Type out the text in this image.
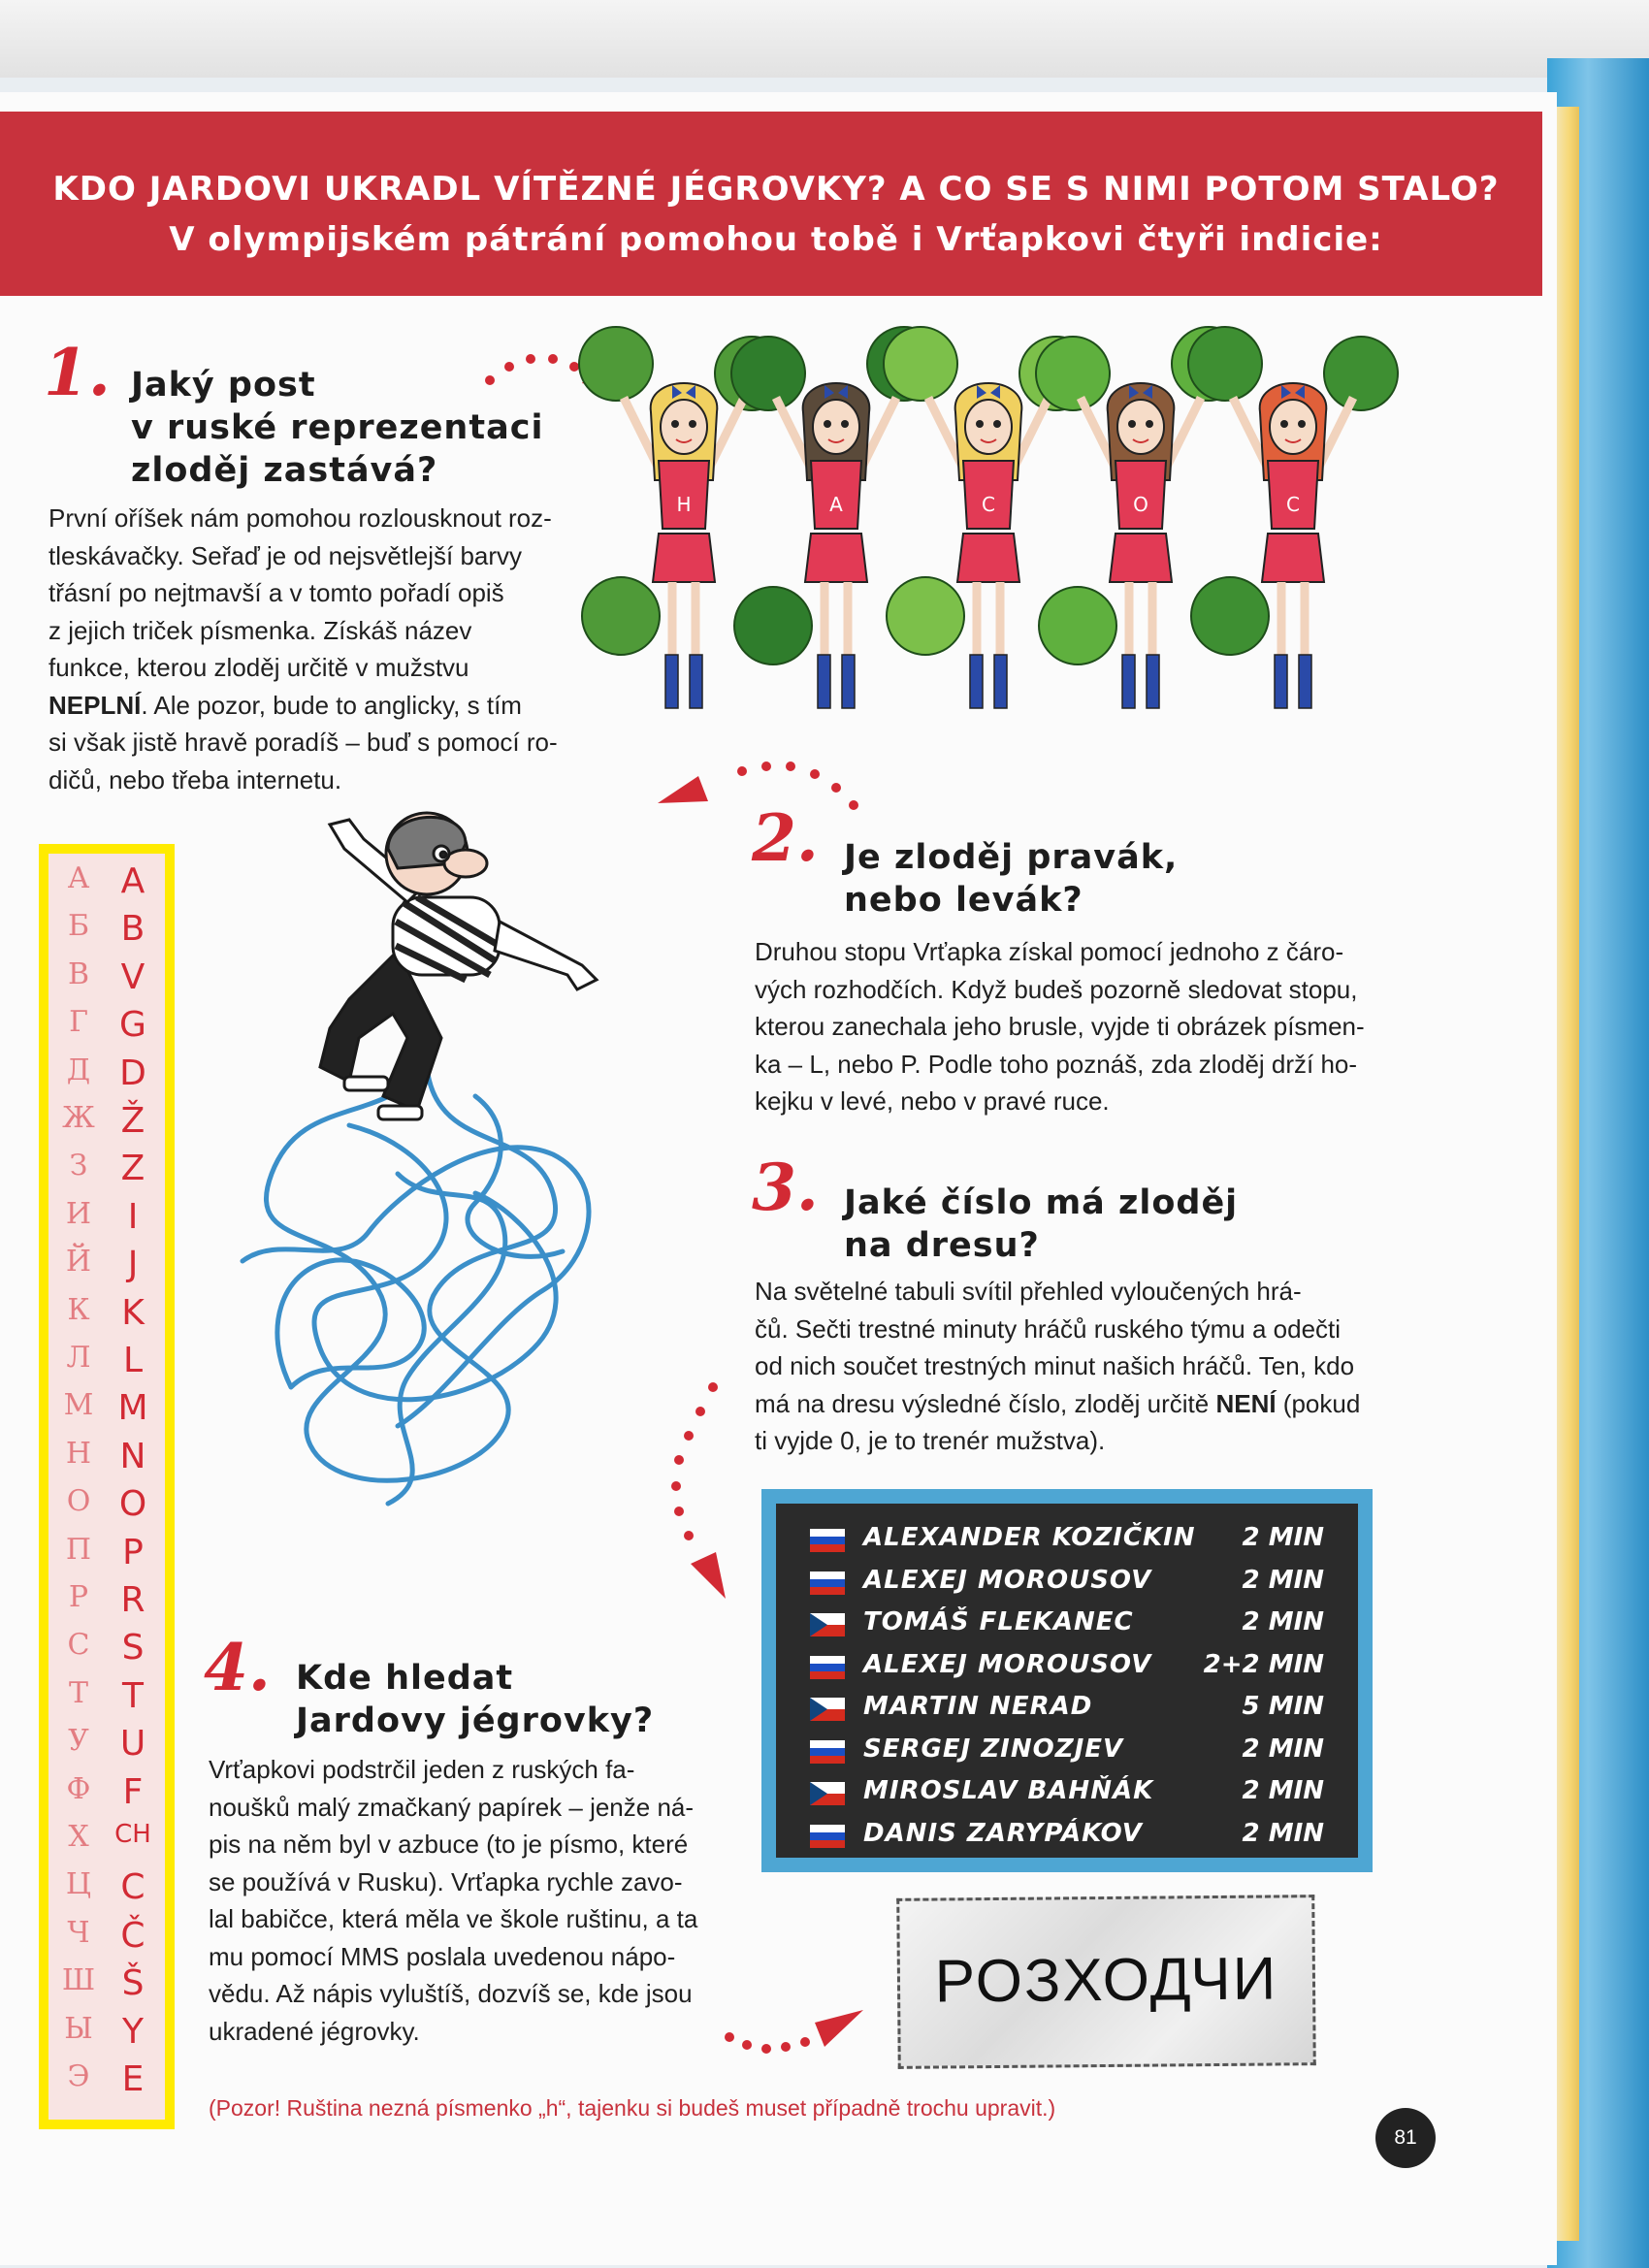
KDO JARDOVI UKRADL VÍTĚZNÉ JÉGROVKY? A CO SE S NIMI POTOM STALO?
V olympijském pátrání pomohou tobě i Vrťapkovi čtyři indicie:
1. Jaký post
v ruské reprezentaci
zloděj zastává?
První oříšek nám pomohou rozlousknout roz-
tleskávačky. Seřaď je od nejsvětlejší barvy
třásní po nejtmavší a v tomto pořadí opiš
z jejich triček písmenka. Získáš název
funkce, kterou zloděj určitě v mužstvu
NEPLNÍ. Ale pozor, bude to anglicky, s tím
si však jistě hravě poradíš – buď s pomocí ro-
dičů, nebo třeba internetu.
H	A	C	O	C
А A
Б B
В V
Г G
Д D
Ж Ž
З Z
И	I
Й	J
К K
Л L
М M
Н N
О O
П P
Р R
С S
Т T
У U
Ф F
Х	CH
Ц C
Ч Č
Ш Š
Ы Y
Э E
2. Je zloděj pravák,
nebo levák?
Druhou stopu Vrťapka získal pomocí jednoho z čáro-
vých rozhodčích. Když budeš pozorně sledovat stopu,
kterou zanechala jeho brusle, vyjde ti obrázek písmen-
ka – L, nebo P. Podle toho poznáš, zda zloděj drží ho-
kejku v levé, nebo v pravé ruce.
3. Jaké číslo má zloděj
na dresu?
Na světelné tabuli svítil přehled vyloučených hrá-
čů. Sečti trestné minuty hráčů ruského týmu a odečti
od nich součet trestných minut našich hráčů. Ten, kdo
má na dresu výsledné číslo, zloděj určitě NENÍ (pokud
ti vyjde 0, je to trenér mužstva).
ALEXANDER KOZIČKIN 2 MIN
ALEXEJ MOROUSOV	2 MIN
TOMÁŠ FLEKANEC	2 MIN
ALEXEJ MOROUSOV 2+2 MIN
MARTIN NERAD	5 MIN
SERGEJ ZINOZJEV	2 MIN
MIROSLAV BAHŇÁK	2 MIN
DANIS ZARYPÁKOV	2 MIN
4. Kde hledat
Jardovy jégrovky?
Vrťapkovi podstrčil jeden z ruských fa-
noušků malý zmačkaný papírek – jenže ná-
pis na něm byl v azbuce (to je písmo, které
se používá v Rusku). Vrťapka rychle zavo-
lal babičce, která měla ve škole ruštinu, a ta
mu pomocí MMS poslala uvedenou nápo-
vědu. Až nápis vyluštíš, dozvíš se, kde jsou
ukradené jégrovky.
РОЗХОДЧИ
(Pozor! Ruština nezná písmenko „h“, tajenku si budeš muset případně trochu upravit.)
81
